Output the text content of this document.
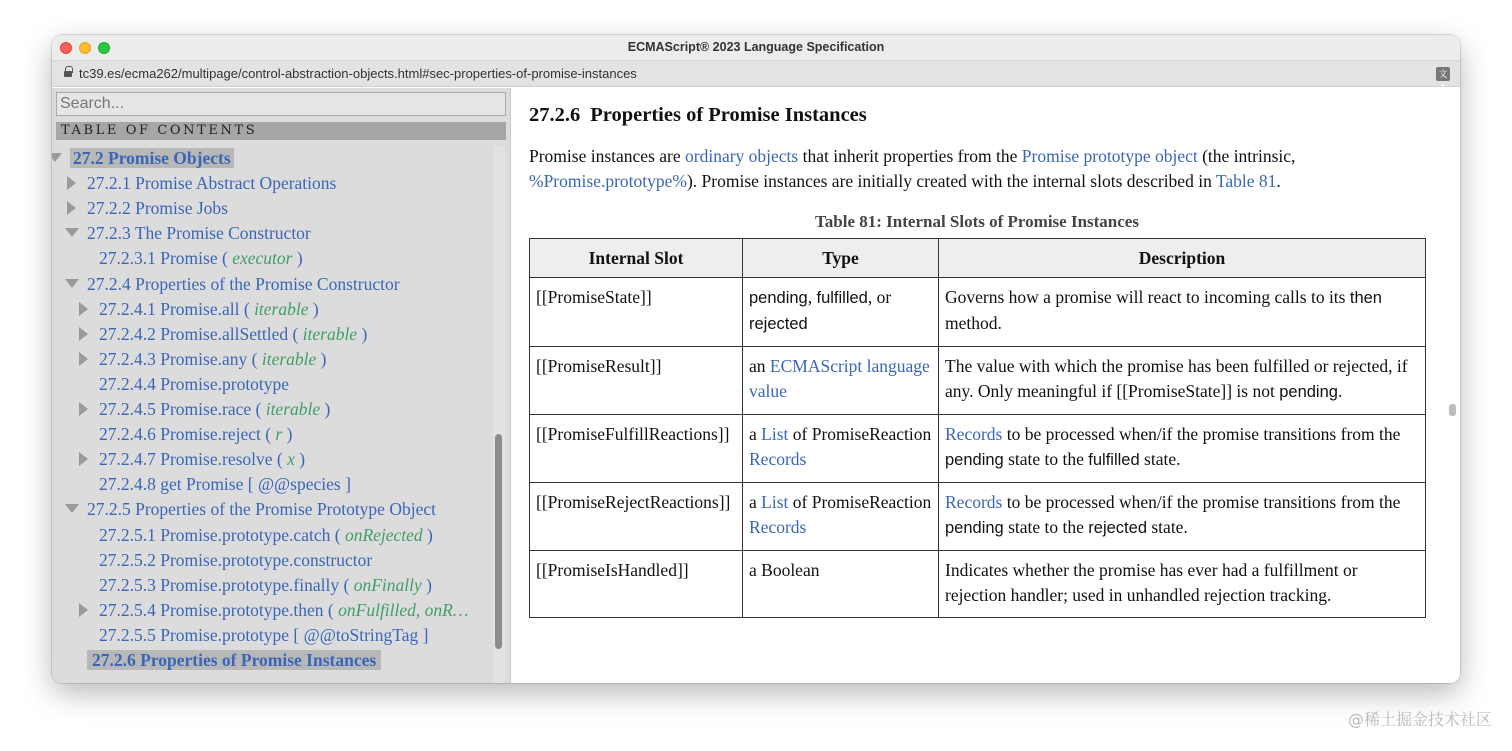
ECMAScript® 2023 Language Specification
tc39.es/ecma262/multipage/control-abstraction-objects.html#sec-properties-of-promise-instances	文
Search...
TABLE OF CONTENTS
27.2 Promise Objects
27.2.1 Promise Abstract Operations
27.2.2 Promise Jobs
27.2.3 The Promise Constructor
27.2.3.1 Promise ( executor )
27.2.4 Properties of the Promise Constructor
27.2.4.1 Promise.all ( iterable )
27.2.4.2 Promise.allSettled ( iterable )
27.2.4.3 Promise.any ( iterable )
27.2.4.4 Promise.prototype
27.2.4.5 Promise.race ( iterable )
27.2.4.6 Promise.reject ( r )
27.2.4.7 Promise.resolve ( x )
27.2.4.8 get Promise [ @@species ]
27.2.5 Properties of the Promise Prototype Object
27.2.5.1 Promise.prototype.catch ( onRejected )
27.2.5.2 Promise.prototype.constructor
27.2.5.3 Promise.prototype.finally ( onFinally )
27.2.5.4 Promise.prototype.then ( onFulfilled, onR…
27.2.5.5 Promise.prototype [ @@toStringTag ]
27.2.6 Properties of Promise Instances
27.2.6 Properties of Promise Instances

Promise instances are ordinary objects that inherit properties from the Promise prototype object (the intrinsic, %Promise.prototype%). Promise instances are initially created with the internal slots described in Table 81.

Table 81: Internal Slots of Promise Instances
Internal Slot	Type	Description
[[PromiseState]]	pending, fulfilled, or
rejected	Governs how a promise will react to incoming calls to its then
method.
[[PromiseResult]]	an ECMAScript language value	The value with which the promise has been fulfilled or rejected, if any. Only meaningful if [[PromiseState]] is not pending.
[[PromiseFulfillReactions]]	a List of PromiseReaction Records	Records to be processed when/if the promise transitions from the pending state to the fulfilled state.
[[PromiseRejectReactions]]	a List of PromiseReaction Records	Records to be processed when/if the promise transitions from the pending state to the rejected state.
[[PromiseIsHandled]]	a Boolean	Indicates whether the promise has ever had a fulfillment or rejection handler; used in unhandled rejection tracking.
@稀土掘金技术社区
